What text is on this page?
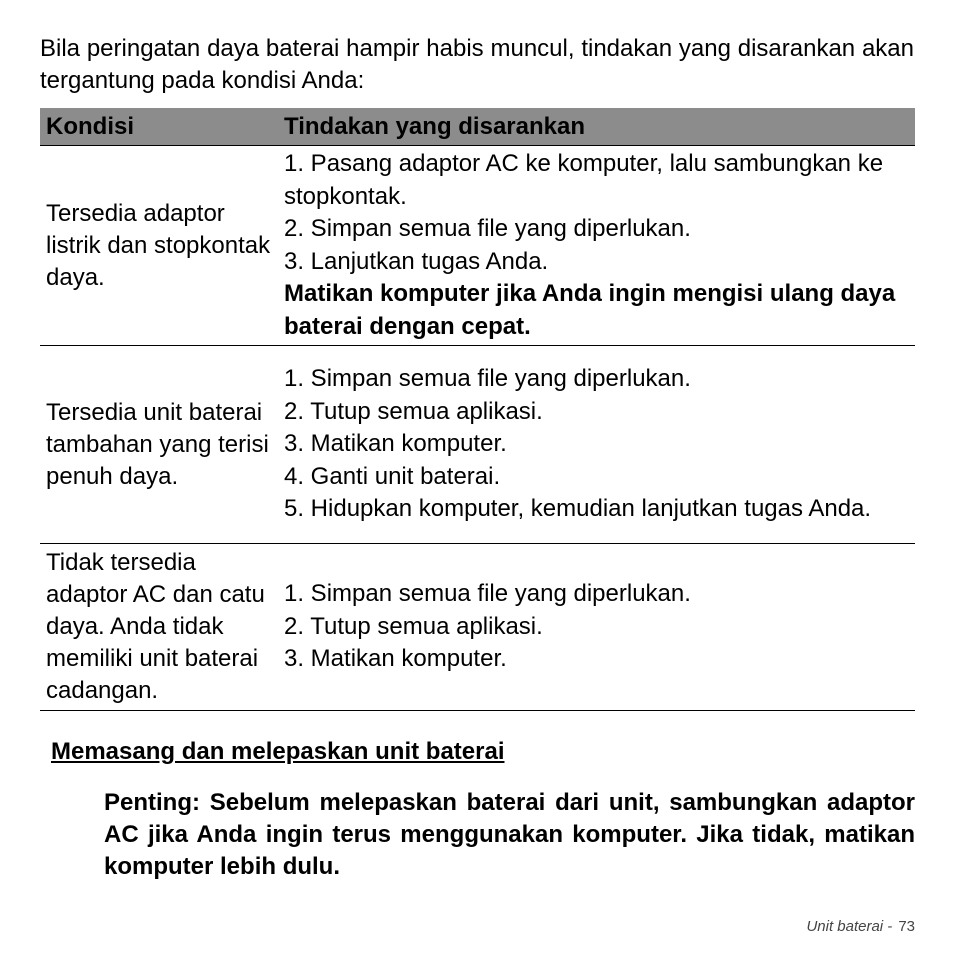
Bila peringatan daya baterai hampir habis muncul, tindakan yang disarankan akan tergantung pada kondisi Anda:

Kondisi	Tindakan yang disarankan
Tersedia adaptor listrik dan stopkontak daya.
1. Pasang adaptor AC ke komputer, lalu sambungkan ke stopkontak.
2. Simpan semua file yang diperlukan.
3. Lanjutkan tugas Anda.
Matikan komputer jika Anda ingin mengisi ulang daya baterai dengan cepat.
Tersedia unit baterai tambahan yang terisi penuh daya.
1. Simpan semua file yang diperlukan.
2. Tutup semua aplikasi.
3. Matikan komputer.
4. Ganti unit baterai.
5. Hidupkan komputer, kemudian lanjutkan tugas Anda.
Tidak tersedia adaptor AC dan catu daya. Anda tidak memiliki unit baterai cadangan.
1. Simpan semua file yang diperlukan.
2. Tutup semua aplikasi.
3. Matikan komputer.
Memasang dan melepaskan unit baterai

Penting: Sebelum melepaskan baterai dari unit, sambungkan adaptor AC jika Anda ingin terus menggunakan komputer. Jika tidak, matikan komputer lebih dulu.

Unit baterai - 73
